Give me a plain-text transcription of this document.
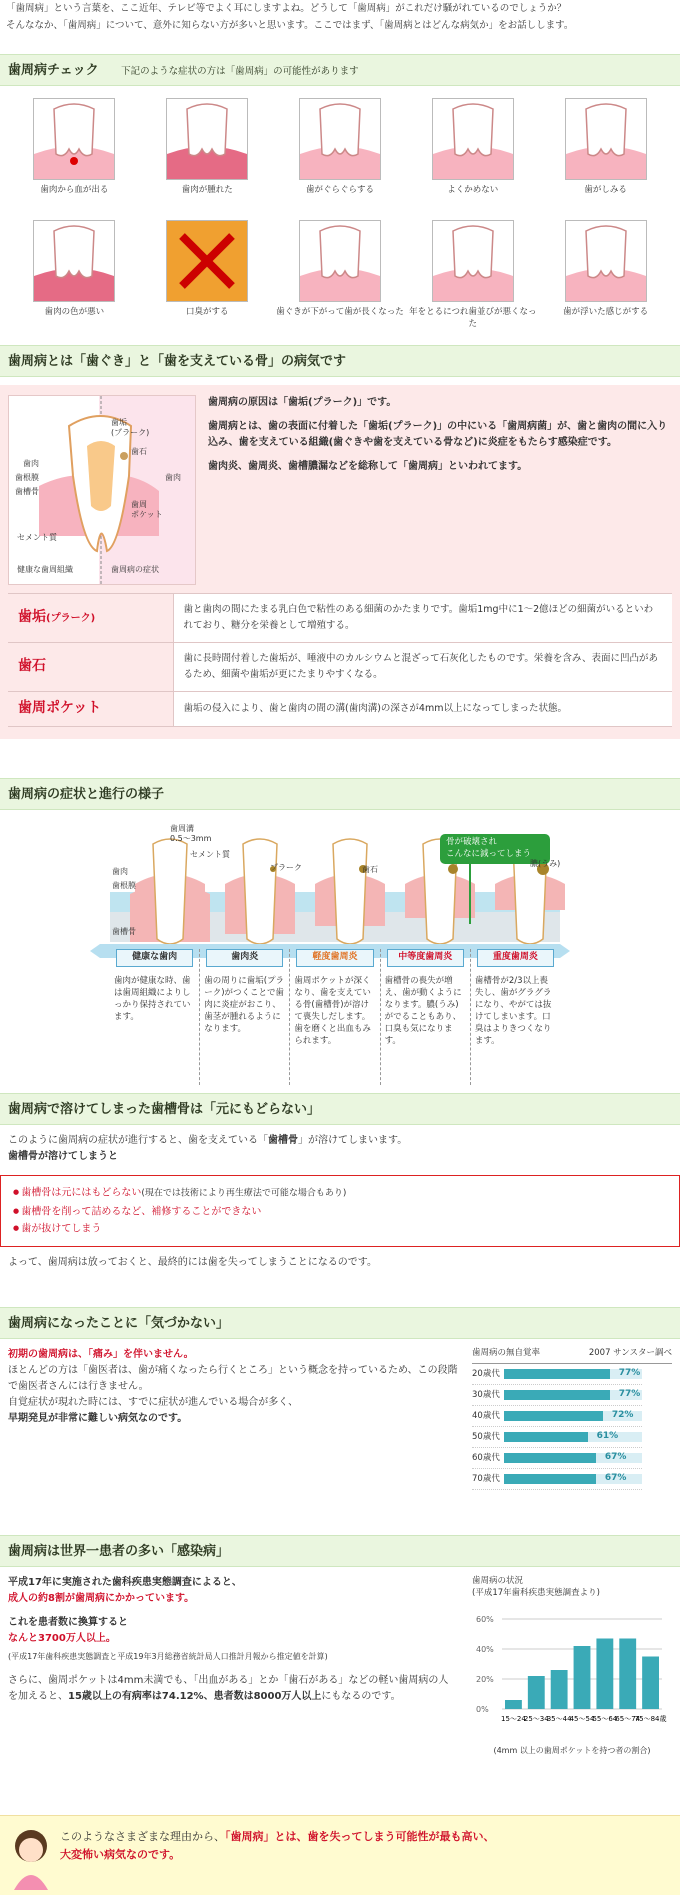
「歯周病」という言葉を、ここ近年、テレビ等でよく耳にしますよね。どうして「歯周病」がこれだけ騒がれているのでしょうか？
そんななか、「歯周病」について、意外に知らない方が多いと思います。ここではまず、「歯周病とはどんな病気か」をお話しします。
歯周病チェック 下記のような症状の方は「歯周病」の可能性があります
歯肉から血が出る	歯肉が腫れた	歯がぐらぐらする	よくかめない	歯がしみる
歯肉の色が悪い	口臭がする	歯ぐきが下がって歯が長くなった 年をとるにつれ歯並びが悪くなった
歯が浮いた感じがする
歯周病とは「歯ぐき」と「歯を支えている骨」の病気です
歯垢
(プラーク)
歯石
歯肉
歯根膜
歯槽骨
歯肉
歯周
ポケット
セメント質
健康な歯周組織	歯周病の症状

歯周病の原因は「歯垢(プラーク)」です。

歯周病とは、歯の表面に付着した「歯垢(プラーク)」の中にいる「歯周病菌」が、歯と歯肉の間に入り込み、歯を支えている組織(歯ぐきや歯を支えている骨など)に炎症をもたらす感染症です。

歯肉炎、歯周炎、歯槽膿漏などを総称して「歯周病」といわれてます。

歯垢(プラーク)	歯と歯肉の間にたまる乳白色で粘性のある細菌のかたまりです。歯垢1mg中に1〜2億ほどの細菌がいるといわれており、糖分を栄養として増殖する。
歯石	歯に長時間付着した歯垢が、唾液中のカルシウムと混ざって石灰化したものです。栄養を含み、表面に凹凸があるため、細菌や歯垢が更にたまりやすくなる。
歯周ポケット	歯垢の侵入により、歯と歯肉の間の溝(歯肉溝)の深さが4mm以上になってしまった状態。
歯周病の症状と進行の様子
骨が破壊され
こんなに減ってしまう
歯周溝
0.5〜3mm
セメント質
プラーク	歯石
膿(うみ)
歯肉
歯根膜
歯槽骨
健康な歯肉
歯肉が健康な時、歯は歯周組織によりしっかり保持されています。
歯肉炎
歯の周りに歯垢(プラーク)がつくことで歯肉に炎症がおこり、歯茎が腫れるようになります。
軽度歯周炎
歯周ポケットが深くなり、歯を支えている骨(歯槽骨)が溶けて喪失しだします。歯を磨くと出血もみられます。
中等度歯周炎
歯槽骨の喪失が増え、歯が動くようになります。膿(うみ)がでることもあり、口臭も気になります。
重度歯周炎
歯槽骨が2/3以上喪失し、歯がグラグラになり、やがては抜けてしまいます。口臭はよりきつくなります。
歯周病で溶けてしまった歯槽骨は「元にもどらない」
このように歯周病の症状が進行すると、歯を支えている「歯槽骨」が溶けてしまいます。
歯槽骨が溶けてしまうと
● 歯槽骨は元にはもどらない(現在では技術により再生療法で可能な場合もあり)
● 歯槽骨を削って詰めるなど、補修することができない
● 歯が抜けてしまう
よって、歯周病は放っておくと、最終的には歯を失ってしまうことになるのです。
歯周病になったことに「気づかない」
初期の歯周病は、「痛み」を伴いません。
ほとんどの方は「歯医者は、歯が痛くなったら行くところ」という概念を持っているため、この段階で歯医者さんには行きません。
自覚症状が現れた時には、すでに症状が進んでいる場合が多く、
早期発見が非常に難しい病気なのです。
歯周病の無自覚率	2007 サンスター調べ
20歳代	77%
30歳代	77%
40歳代	72%
50歳代	61%
60歳代	67%
70歳代	67%
歯周病は世界一患者の多い「感染病」
平成17年に実施された歯科疾患実態調査によると、
成人の約8割が歯周病にかかっています。
これを患者数に換算すると
なんと3700万人以上。
(平成17年歯科疾患実態調査と平成19年3月総務省統計局人口推計月報から推定値を計算)
さらに、歯周ポケットは4mm未満でも、「出血がある」とか「歯石がある」などの軽い歯周病の人を加えると、15歳以上の有病率は74.12%、患者数は8000万人以上にもなるのです。
歯周病の状況
(平成17年歯科疾患実態調査より)
0%
20%
40%
60%
15〜24
25〜34
35〜44
45〜54
55〜64
65〜74
75〜84歳
(4mm 以上の歯周ポケットを持つ者の割合)
このようなさまざまな理由から、「歯周病」とは、歯を失ってしまう可能性が最も高い、
大変怖い病気なのです。
